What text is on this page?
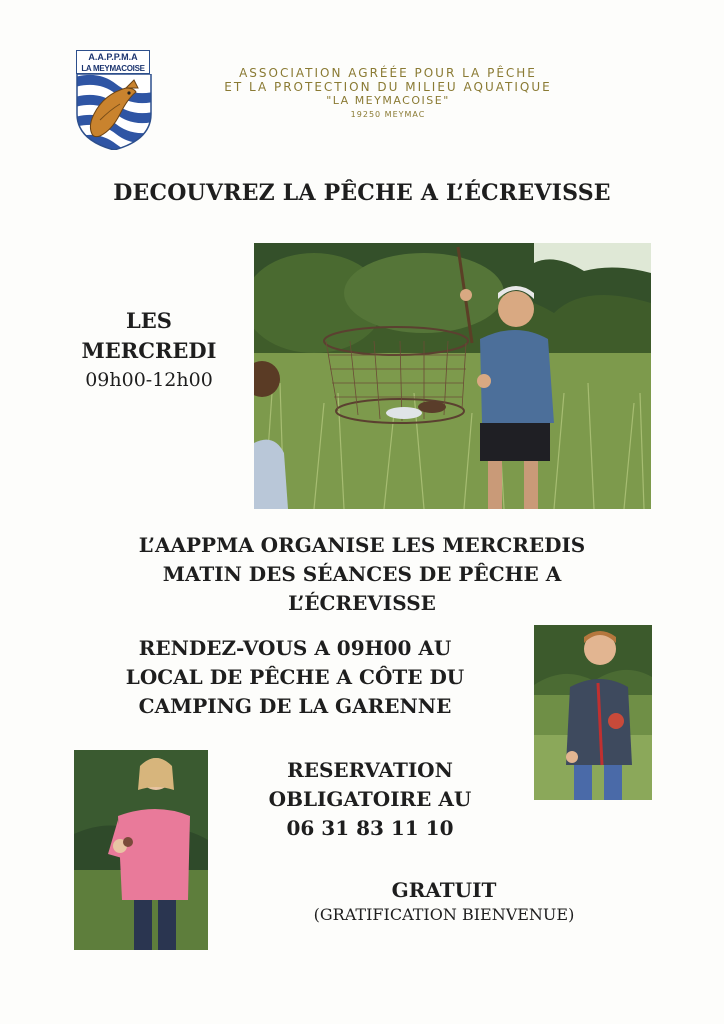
A.A.P.P.M.A
LA MEYMACOISE	ASSOCIATION AGRÉÉE POUR LA PÊCHE
ET LA PROTECTION DU MILIEU AQUATIQUE
"LA MEYMACOISE"
19250 MEYMAC
DECOUVREZ LA PÊCHE A L’ÉCREVISSE
LES
MERCREDI
09h00-12h00
L’AAPPMA ORGANISE LES MERCREDIS
MATIN DES SÉANCES DE PÊCHE A
L’ÉCREVISSE
RENDEZ-VOUS A 09H00 AU
LOCAL DE PÊCHE A CÔTE DU
CAMPING DE LA GARENNE
RESERVATION
OBLIGATOIRE AU
06 31 83 11 10
GRATUIT
(GRATIFICATION BIENVENUE)
